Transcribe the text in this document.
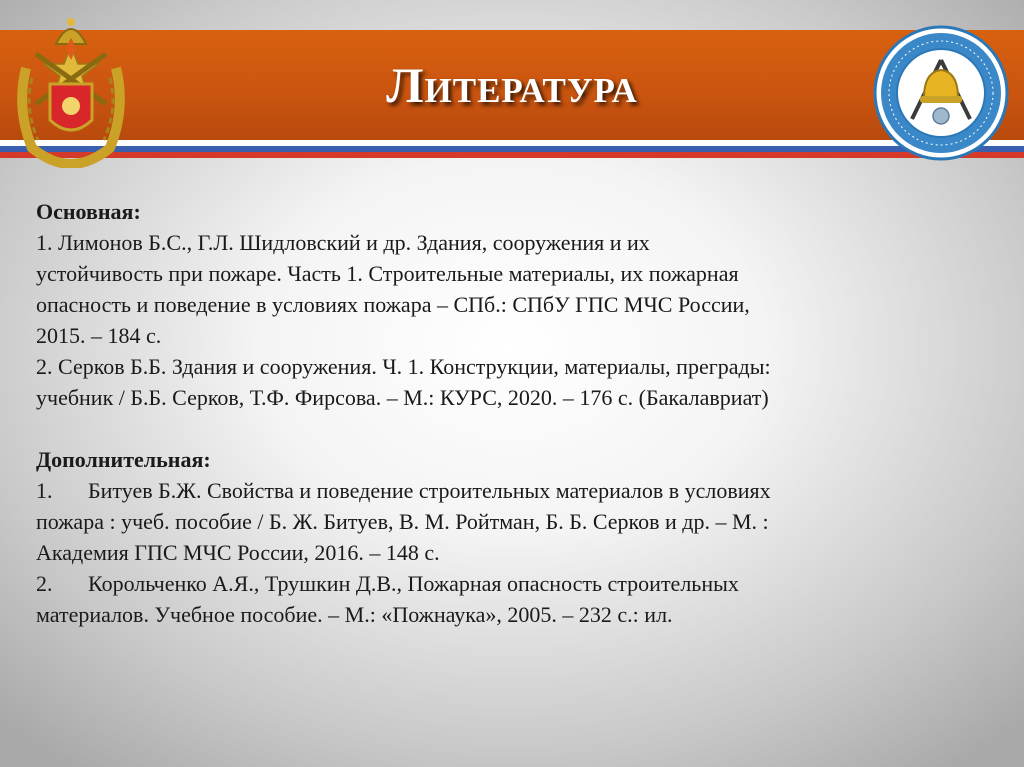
Литература

Основная:

1. Лимонов Б.С., Г.Л. Шидловский и др. Здания, сооружения и их

устойчивость при пожаре. Часть 1. Строительные материалы, их пожарная

опасность и поведение в условиях пожара – СПб.: СПбУ ГПС МЧС России,

2015. – 184 с.

2. Серков Б.Б. Здания и сооружения. Ч. 1. Конструкции, материалы, преграды:

учебник / Б.Б. Серков, Т.Ф. Фирсова. – М.: КУРС, 2020. – 176 с. (Бакалавриат)

Дополнительная:

1. Битуев Б.Ж. Свойства и поведение строительных материалов в условиях

пожара : учеб. пособие / Б. Ж. Битуев, В. М. Ройтман, Б. Б. Серков и др. – М. :

Академия ГПС МЧС России, 2016. – 148 с.

2. Корольченко А.Я., Трушкин Д.В., Пожарная опасность строительных

материалов. Учебное пособие. – М.: «Пожнаука», 2005. – 232 с.: ил.
